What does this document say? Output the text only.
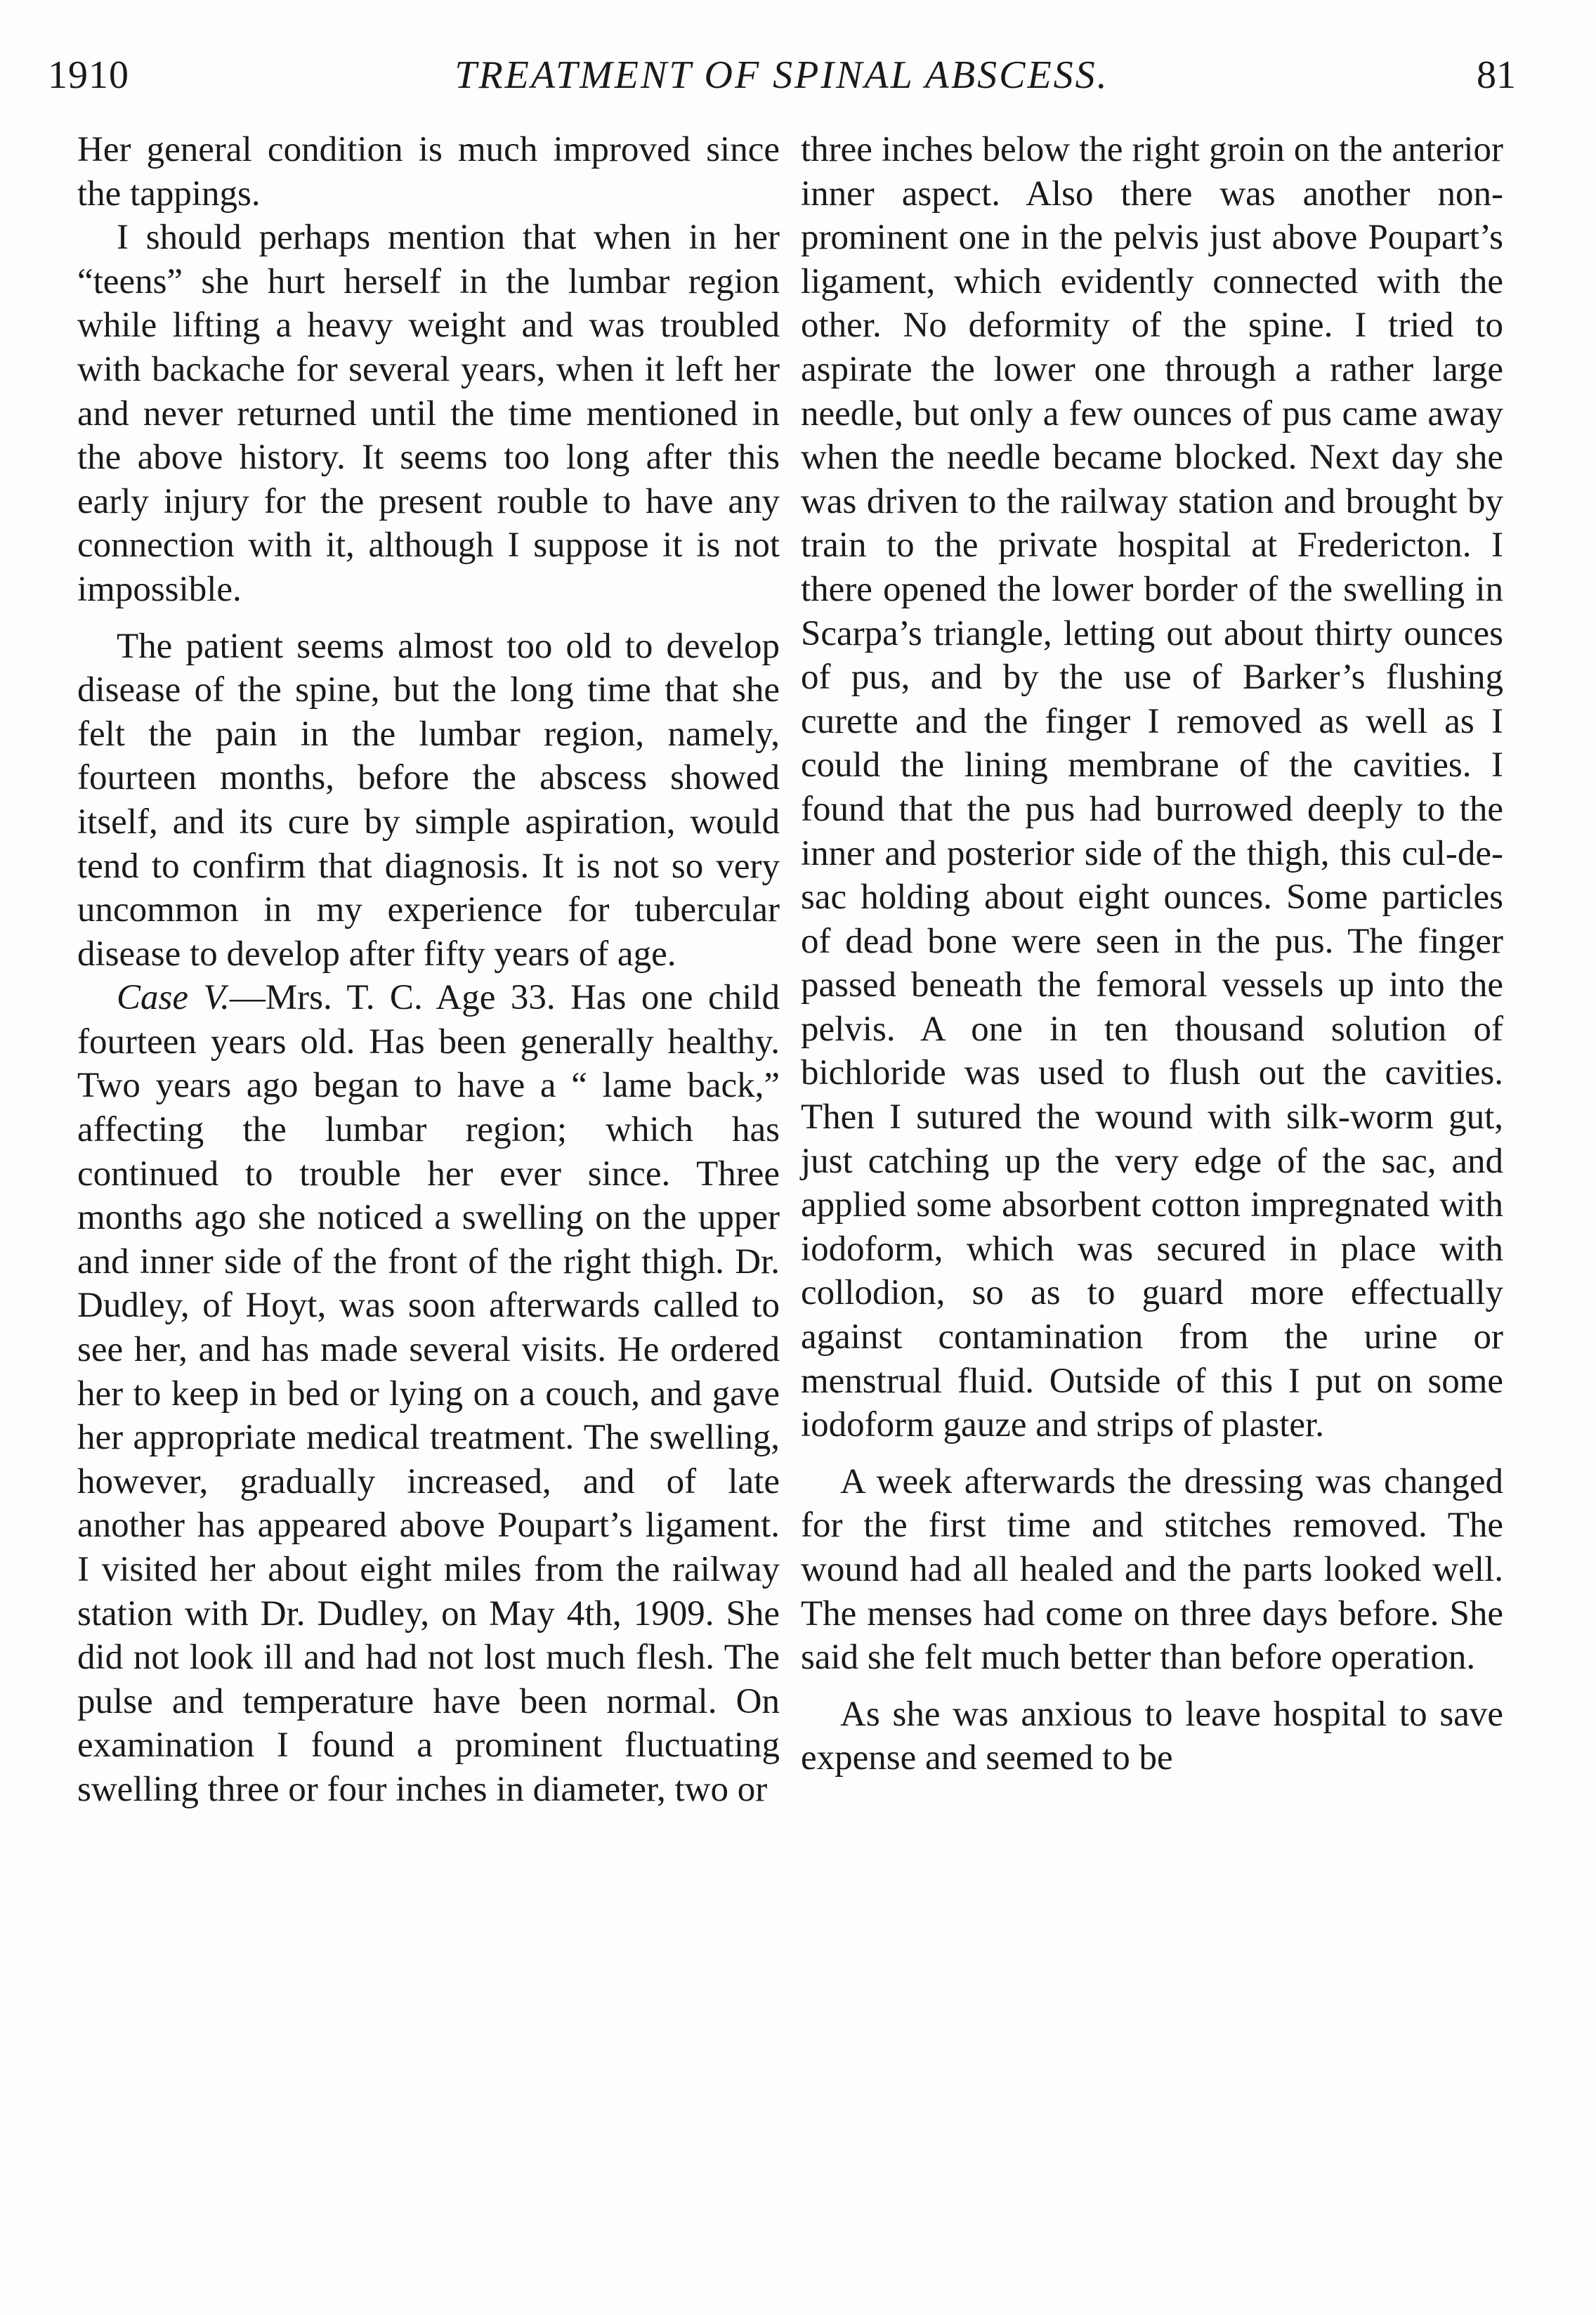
1910	TREATMENT OF SPINAL ABSCESS.	81

Her general condition is much improved since the tappings.

I should perhaps mention that when in her “teens” she hurt herself in the lumbar region while lifting a heavy weight and was troubled with backache for several years, when it left her and never returned until the time mentioned in the above history. It seems too long after this early injury for the present rouble to have any connection with it, although I suppose it is not impossible.

The patient seems almost too old to develop disease of the spine, but the long time that she felt the pain in the lumbar region, namely, fourteen months, before the abscess showed itself, and its cure by simple aspiration, would tend to confirm that diagnosis. It is not so very uncommon in my experience for tubercular disease to develop after fifty years of age.

Case V.—Mrs. T. C. Age 33. Has one child fourteen years old. Has been generally healthy. Two years ago began to have a “ lame back,” affecting the lumbar region; which has continued to trouble her ever since. Three months ago she noticed a swelling on the upper and inner side of the front of the right thigh. Dr. Dudley, of Hoyt, was soon afterwards called to see her, and has made several visits. He ordered her to keep in bed or lying on a couch, and gave her appropriate medical treatment. The swelling, however, gradually increased, and of late another has appeared above Poupart’s ligament. I visited her about eight miles from the railway station with Dr. Dudley, on May 4th, 1909. She did not look ill and had not lost much flesh. The pulse and temperature have been normal. On examination I found a prominent fluctuating swelling three or four inches in diameter, two or

three inches below the right groin on the anterior inner aspect. Also there was another non-prominent one in the pelvis just above Poupart’s ligament, which evidently connected with the other. No deformity of the spine. I tried to aspirate the lower one through a rather large needle, but only a few ounces of pus came away when the needle became blocked. Next day she was driven to the railway station and brought by train to the private hospital at Fredericton. I there opened the lower border of the swelling in Scarpa’s triangle, letting out about thirty ounces of pus, and by the use of Barker’s flushing curette and the finger I removed as well as I could the lining membrane of the cavities. I found that the pus had burrowed deeply to the inner and posterior side of the thigh, this cul-de-sac holding about eight ounces. Some particles of dead bone were seen in the pus. The finger passed beneath the femoral vessels up into the pelvis. A one in ten thousand solution of bichloride was used to flush out the cavities. Then I sutured the wound with silk-worm gut, just catching up the very edge of the sac, and applied some absorbent cotton impregnated with iodoform, which was secured in place with collodion, so as to guard more effectually against contamination from the urine or menstrual fluid. Outside of this I put on some iodoform gauze and strips of plaster.

A week afterwards the dressing was changed for the first time and stitches removed. The wound had all healed and the parts looked well. The menses had come on three days before. She said she felt much better than before operation.

As she was anxious to leave hospital to save expense and seemed to be
